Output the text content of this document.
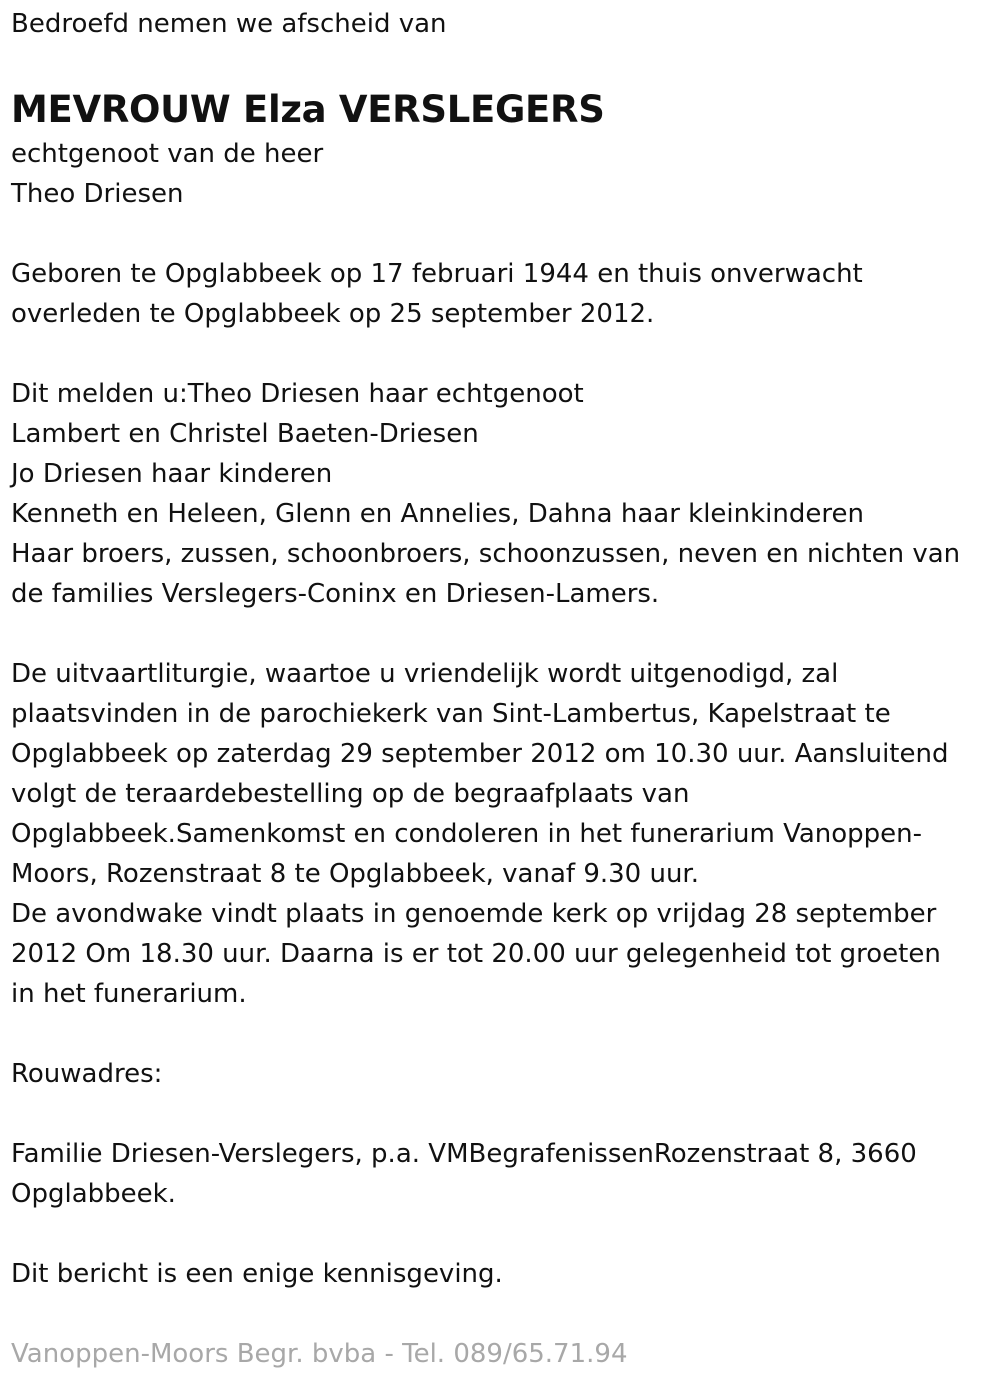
Bedroefd nemen we afscheid van

MEVROUW Elza VERSLEGERS

echtgenoot van de heer

Theo Driesen

Geboren te Opglabbeek op 17 februari 1944 en thuis onverwacht

overleden te Opglabbeek op 25 september 2012.

Dit melden u:Theo Driesen haar echtgenoot

Lambert en Christel Baeten-Driesen

Jo Driesen haar kinderen

Kenneth en Heleen, Glenn en Annelies, Dahna haar kleinkinderen

Haar broers, zussen, schoonbroers, schoonzussen, neven en nichten van

de families Verslegers-Coninx en Driesen-Lamers.

De uitvaartliturgie, waartoe u vriendelijk wordt uitgenodigd, zal

plaatsvinden in de parochiekerk van Sint-Lambertus, Kapelstraat te

Opglabbeek op zaterdag 29 september 2012 om 10.30 uur. Aansluitend

volgt de teraardebestelling op de begraafplaats van

Opglabbeek.Samenkomst en condoleren in het funerarium Vanoppen-

Moors, Rozenstraat 8 te Opglabbeek, vanaf 9.30 uur.

De avondwake vindt plaats in genoemde kerk op vrijdag 28 september

2012 Om 18.30 uur. Daarna is er tot 20.00 uur gelegenheid tot groeten

in het funerarium.

Rouwadres:

Familie Driesen-Verslegers, p.a. VMBegrafenissenRozenstraat 8, 3660

Opglabbeek.

Dit bericht is een enige kennisgeving.

Vanoppen-Moors Begr. bvba - Tel. 089/65.71.94
